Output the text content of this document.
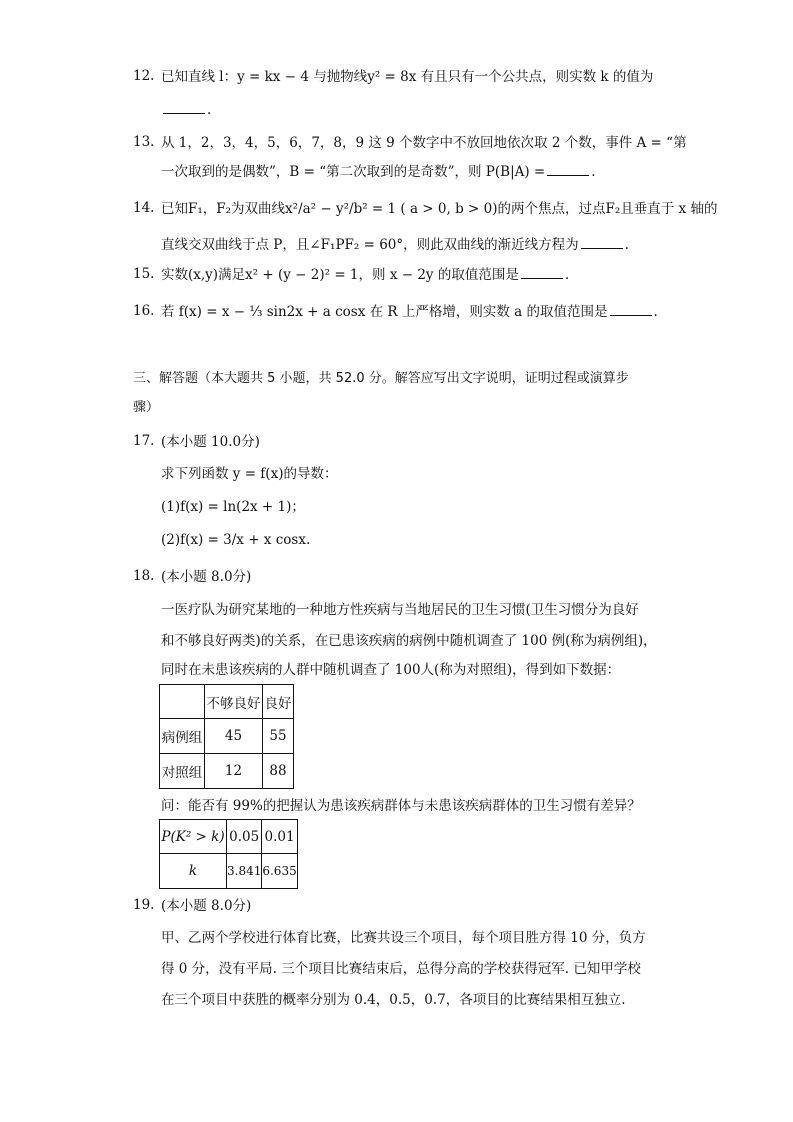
12. 已知直线 l：y = kx − 4 与抛物线y² = 8x 有且只有一个公共点，则实数 k 的值为
.
13. 从 1，2，3，4，5，6，7，8，9 这 9 个数字中不放回地依次取 2 个数，事件 A = “第
一次取到的是偶数”，B = “第二次取到的是奇数”，则 P(B|A) =	.
14. 已知F₁，F₂为双曲线x²/a² − y²/b² = 1 ( a > 0, b > 0)的两个焦点，过点F₂且垂直于 x 轴的
直线交双曲线于点 P，且∠F₁PF₂ = 60°，则此双曲线的渐近线方程为	.
15. 实数(x,y)满足x² + (y − 2)² = 1，则 x − 2y 的取值范围是	.
16. 若 f(x) = x − ⅓ sin2x + a cosx 在 R 上严格增，则实数 a 的取值范围是	.
三、解答题（本大题共 5 小题，共 52.0 分。解答应写出文字说明，证明过程或演算步
骤）
17. (本小题 10.0分)
求下列函数 y = f(x)的导数：
(1)f(x) = ln(2x + 1)；
(2)f(x) = 3/x + x cosx.
18. (本小题 8.0分)
一医疗队为研究某地的一种地方性疾病与当地居民的卫生习惯(卫生习惯分为良好
和不够良好两类)的关系，在已患该疾病的病例中随机调查了 100 例(称为病例组)，
同时在未患该疾病的人群中随机调查了 100人(称为对照组)，得到如下数据：
	不够良好	良好
病例组	45	55
对照组	12	88
问：能否有 99%的把握认为患该疾病群体与未患该疾病群体的卫生习惯有差异？
P(K² > k)	0.05	0.01
k	3.841	6.635
19. (本小题 8.0分)
甲、乙两个学校进行体育比赛，比赛共设三个项目，每个项目胜方得 10 分，负方
得 0 分，没有平局. 三个项目比赛结束后，总得分高的学校获得冠军. 已知甲学校
在三个项目中获胜的概率分别为 0.4，0.5，0.7，各项目的比赛结果相互独立.
